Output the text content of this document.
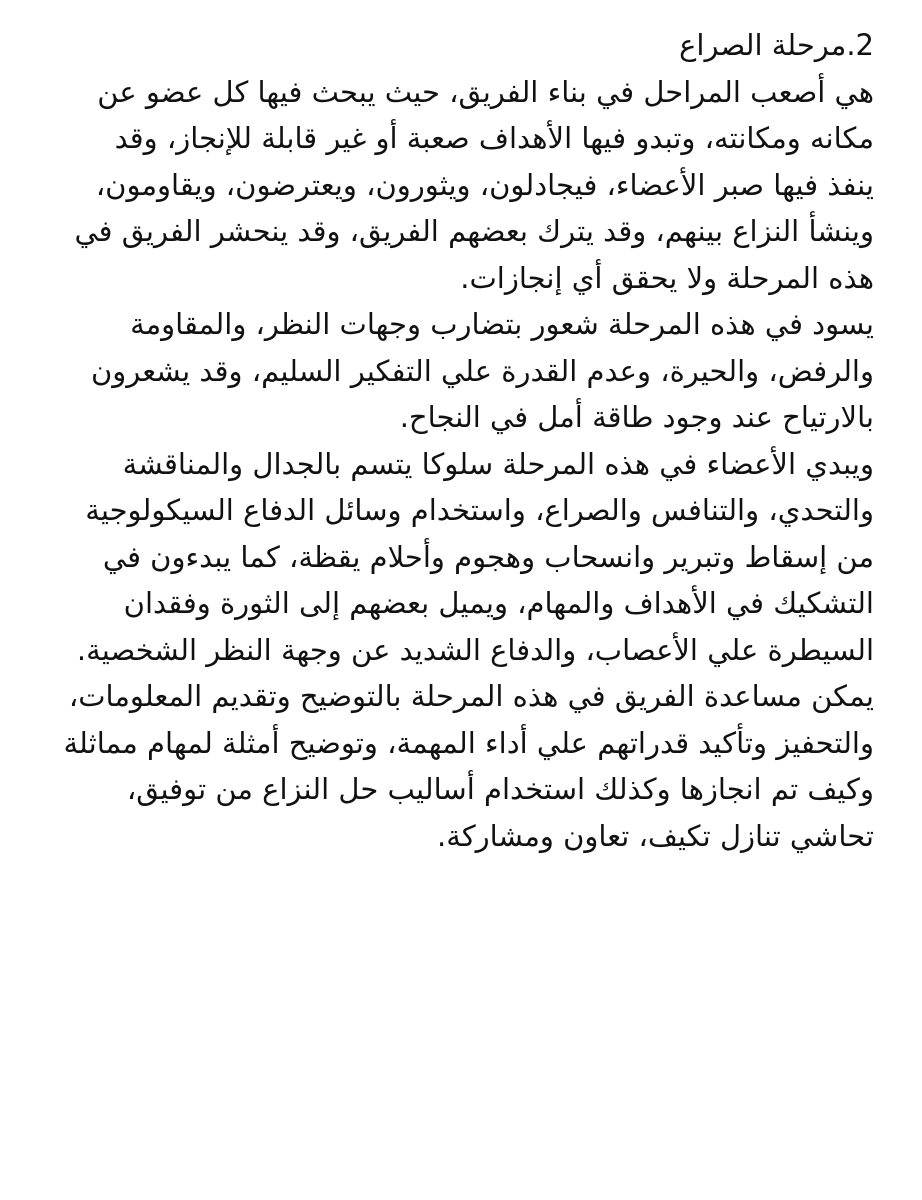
2.مرحلة الصراع

هي أصعب المراحل في بناء الفريق، حيث يبحث فيها كل عضو عن مكانه ومكانته، وتبدو فيها الأهداف صعبة أو غير قابلة للإنجاز، وقد ينفذ فيها صبر الأعضاء، فيجادلون، ويثورون، ويعترضون، ويقاومون، وينشأ النزاع بينهم، وقد يترك بعضهم الفريق، وقد ينحشر الفريق في هذه المرحلة ولا يحقق أي إنجازات.

يسود في هذه المرحلة شعور بتضارب وجهات النظر، والمقاومة والرفض، والحيرة، وعدم القدرة علي التفكير السليم، وقد يشعرون بالارتياح عند وجود طاقة أمل في النجاح.

ويبدي الأعضاء في هذه المرحلة سلوكا يتسم بالجدال والمناقشة والتحدي، والتنافس والصراع، واستخدام وسائل الدفاع السيكولوجية من إسقاط وتبرير وانسحاب وهجوم وأحلام يقظة، كما يبدءون في التشكيك في الأهداف والمهام، ويميل بعضهم إلى الثورة وفقدان السيطرة علي الأعصاب، والدفاع الشديد عن وجهة النظر الشخصية.

يمكن مساعدة الفريق في هذه المرحلة بالتوضيح وتقديم المعلومات، والتحفيز وتأكيد قدراتهم علي أداء المهمة، وتوضيح أمثلة لمهام مماثلة وكيف تم انجازها وكذلك استخدام أساليب حل النزاع من توفيق، تحاشي تنازل تكيف، تعاون ومشاركة.
